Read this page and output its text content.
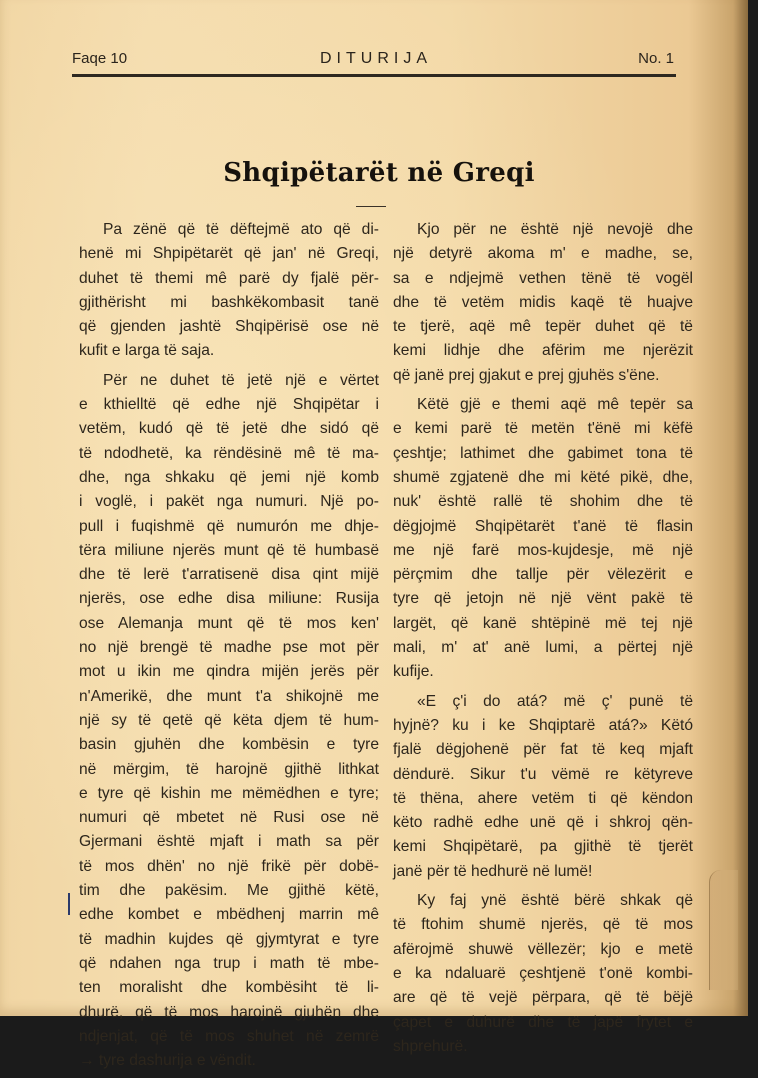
Faqe 10	DITURIJA	No. 1
Shqipëtarët në Greqi

Pa zënë që të dëftejmë ato që di-
henë mi Shpipëtarët që jan' në Greqi,
duhet të themi mê parë dy fjalë për-
gjithërisht mi bashkëkombasit tanë
që gjenden jashtë Shqipërisë ose në
kufit e larga të saja.

Për ne duhet të jetë një e vërtet
e kthielltë që edhe një Shqipëtar i
vetëm, kudó që të jetë dhe sidó që
të ndodhetë, ka rëndësinë mê të ma-
dhe, nga shkaku që jemi një komb
i voglë, i pakët nga numuri. Një po-
pull i fuqishmë që numurón me dhje-
tëra miliune njerës munt që të humbasë
dhe të lerë t'arratisenë disa qint mijë
njerës, ose edhe disa miliune: Rusija
ose Alemanja munt që të mos ken'
no një brengë të madhe pse mot për
mot u ikin me qindra mijën jerës për
n'Amerikë, dhe munt t'a shikojnë me
një sy të qetë që këta djem të hum-
basin gjuhën dhe kombësin e tyre
në mërgim, të harojnë gjithë lithkat
e tyre që kishin me mëmëdhen e tyre;
numuri që mbetet në Rusi ose në
Gjermani është mjaft i math sa për
të mos dhën' no një frikë për dobë-
tim dhe pakësim. Me gjithë këtë,
edhe kombet e mbëdhenj marrin mê
të madhin kujdes që gjymtyrat e tyre
që ndahen nga trup i math të mbe-
ten moralisht dhe kombësiht të li-
dhurë, që të mos harojnë gjuhën dhe
ndjenjat, që të mos shuhet në zemrë
→ tyre dashurija e vëndit.

Kjo për ne është një nevojë dhe
një detyrë akoma m' e madhe, se,
sa e ndjejmë vethen tënë të vogël
dhe të vetëm midis kaqë të huajve
te tjerë, aqë mê tepër duhet që të
kemi lidhje dhe afërim me njerëzit
që janë prej gjakut e prej gjuhës s'ëne.

Këtë gjë e themi aqë mê tepër sa
e kemi parë të metën t'ënë mi këfë
çeshtje; lathimet dhe gabimet tona të
shumë zgjatenë dhe mi këté pikë, dhe,
nuk' është rallë të shohim dhe të
dëgjojmë Shqipëtarët t'anë të flasin
me një farë mos-kujdesje, më një
përçmim dhe tallje për vëlezërit e
tyre që jetojn në një vënt pakë të
largët, që kanë shtëpinë më tej një
mali, m' at' anë lumi, a përtej një
kufije.

«E ç'i do atá? më ç' punë të
hyjnë? ku i ke Shqiptarë atá?» Këtó
fjalë dëgjohenë për fat të keq mjaft
dëndurë. Sikur t'u vëmë re këtyreve
të thëna, ahere vetëm ti që këndon
këto radhë edhe unë që i shkroj qën-
kemi Shqipëtarë, pa gjithë të tjerët
janë për të hedhurë në lumë!

Ky faj ynë është bërë shkak që
të ftohim shumë njerës, që të mos
afërojmë shuwë vëllezër; kjo e metë
e ka ndaluarë çeshtjenë t'onë kombi-
are që të vejë përpara, që të bëjë
çapet e duhurë dhe të japë frytet e
shprehurë.
